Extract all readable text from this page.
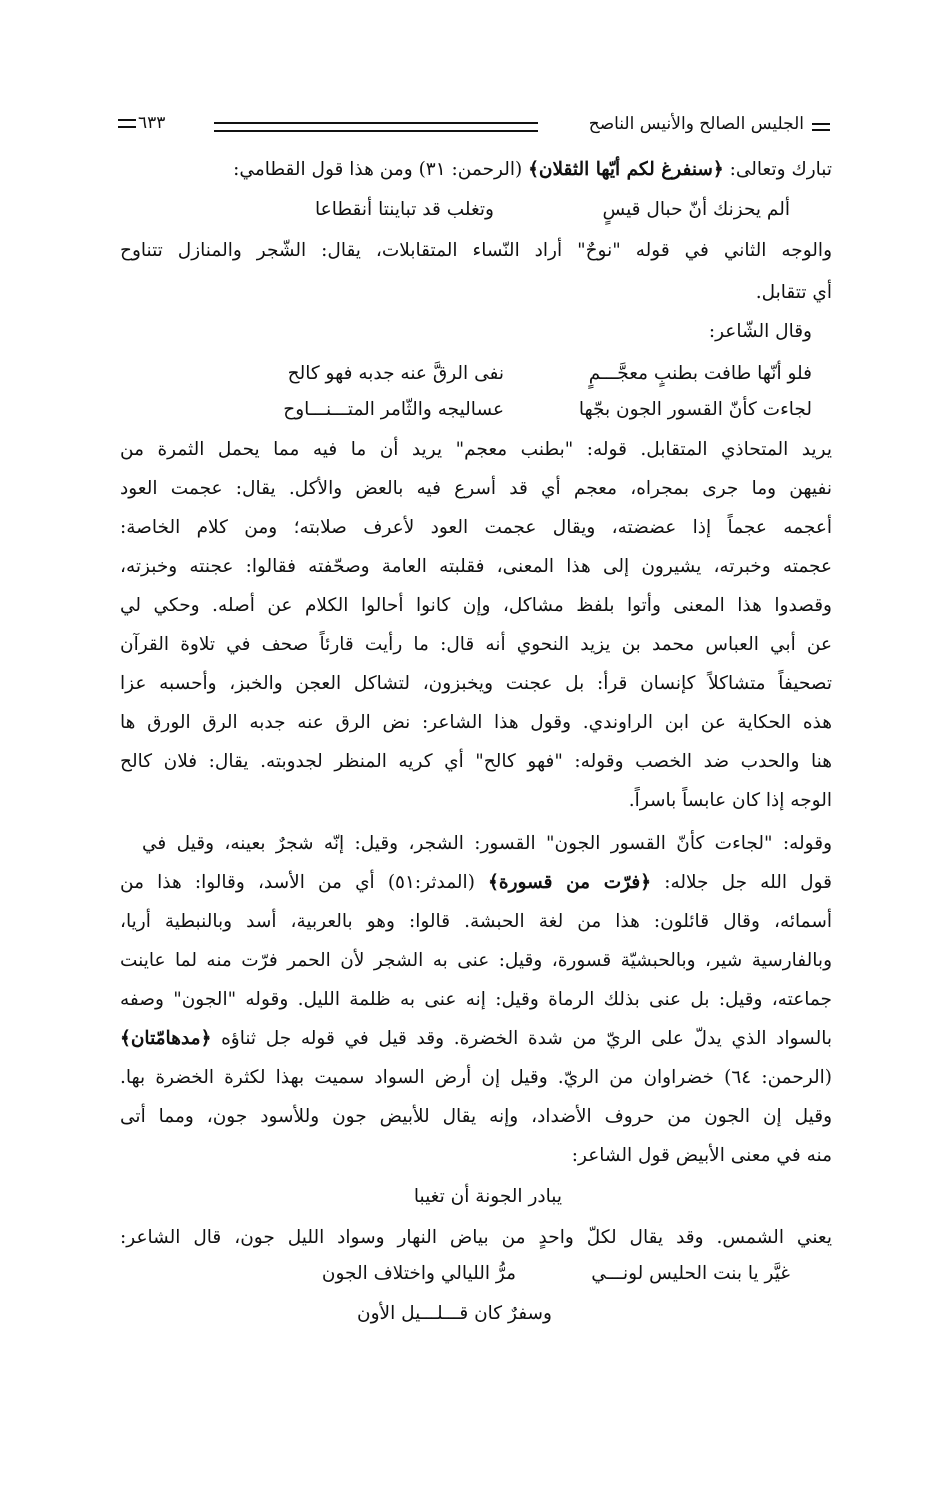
الجليس الصالح والأنيس الناصح
٦٣٣
تبارك وتعالى: ﴿سنفرغ لكم أيّها الثقلان﴾ (الرحمن: ٣١) ومن هذا قول القطامي:
ألم يحزنك أنّ حبال قيسٍ
وتغلب قد تباينتا أنقطاعا
والوجه الثاني في قوله "نوحٌ" أراد النّساء المتقابلات، يقال: الشّجر والمنازل تتناوح
أي تتقابل.
وقال الشّاعر:
فلو أنّها طافت بطنبٍ معجَّـــمٍ
نفى الرقَّ عنه جدبه فهو كالح
لجاءت كأنّ القسور الجون بجّها
عساليجه والثّامر المتـــنـــاوح
يريد المتحاذي المتقابل. قوله: "بطنب معجم" يريد أن ما فيه مما يحمل الثمرة من
نفيهن وما جرى بمجراه، معجم أي قد أسرع فيه بالعض والأكل. يقال: عجمت العود
أعجمه عجماً إذا عضضته، ويقال عجمت العود لأعرف صلابته؛ ومن كلام الخاصة:
عجمته وخبرته، يشيرون إلى هذا المعنى، فقلبته العامة وصحّفته فقالوا: عجنته وخبزته،
وقصدوا هذا المعنى وأتوا بلفظ مشاكل، وإن كانوا أحالوا الكلام عن أصله. وحكي لي
عن أبي العباس محمد بن يزيد النحوي أنه قال: ما رأيت قارئاً صحف في تلاوة القرآن
تصحيفاً متشاكلاً كإنسان قرأ: بل عجنت ويخبزون، لتشاكل العجن والخبز، وأحسبه عزا
هذه الحكاية عن ابن الراوندي. وقول هذا الشاعر: نض الرق عنه جدبه الرق الورق ها
هنا والحدب ضد الخصب وقوله: "فهو كالح" أي كريه المنظر لجدوبته. يقال: فلان كالح
الوجه إذا كان عابساً باسراً.
وقوله: "لجاءت كأنّ القسور الجون" القسور: الشجر، وقيل: إنّه شجرٌ بعينه، وقيل في
قول الله جل جلاله: ﴿فرّت من قسورة﴾ (المدثر:٥١) أي من الأسد، وقالوا: هذا من
أسمائه، وقال قائلون: هذا من لغة الحبشة. قالوا: وهو بالعربية، أسد وبالنبطية أريا،
وبالفارسية شير، وبالحبشيّة قسورة، وقيل: عنى به الشجر لأن الحمر فرّت منه لما عاينت
جماعته، وقيل: بل عنى بذلك الرماة وقيل: إنه عنى به ظلمة الليل. وقوله "الجون" وصفه
بالسواد الذي يدلّ على الريّ من شدة الخضرة. وقد قيل في قوله جل ثناؤه ﴿مدهامّتان﴾
(الرحمن: ٦٤) خضراوان من الريّ. وقيل إن أرض السواد سميت بهذا لكثرة الخضرة بها.
وقيل إن الجون من حروف الأضداد، وإنه يقال للأبيض جون وللأسود جون، ومما أتى
منه في معنى الأبيض قول الشاعر:
يبادر الجونة أن تغيبا
يعني الشمس. وقد يقال لكلّ واحدٍ من بياض النهار وسواد الليل جون، قال الشاعر:
غيَّر يا بنت الحليس لونـــي
مرُّ الليالي واختلاف الجون
وسفرٌ كان قـــلـــيل الأون
